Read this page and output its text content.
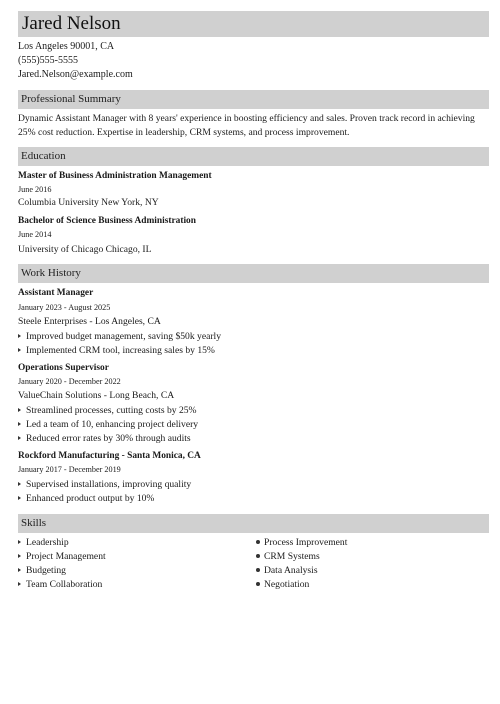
Jared Nelson
Los Angeles 90001, CA
(555)555-5555
Jared.Nelson@example.com
Professional Summary
Dynamic Assistant Manager with 8 years' experience in boosting efficiency and sales. Proven track record in achieving 25% cost reduction. Expertise in leadership, CRM systems, and process improvement.
Education
Master of Business Administration Management
June 2016
Columbia University New York, NY
Bachelor of Science Business Administration
June 2014
University of Chicago Chicago, IL
Work History
Assistant Manager
January 2023 - August 2025
Steele Enterprises - Los Angeles, CA
Improved budget management, saving $50k yearly
Implemented CRM tool, increasing sales by 15%
Operations Supervisor
January 2020 - December 2022
ValueChain Solutions - Long Beach, CA
Streamlined processes, cutting costs by 25%
Led a team of 10, enhancing project delivery
Reduced error rates by 30% through audits
Rockford Manufacturing - Santa Monica, CA
January 2017 - December 2019
Supervised installations, improving quality
Enhanced product output by 10%
Skills
Leadership
Project Management
Budgeting
Team Collaboration
Process Improvement
CRM Systems
Data Analysis
Negotiation
